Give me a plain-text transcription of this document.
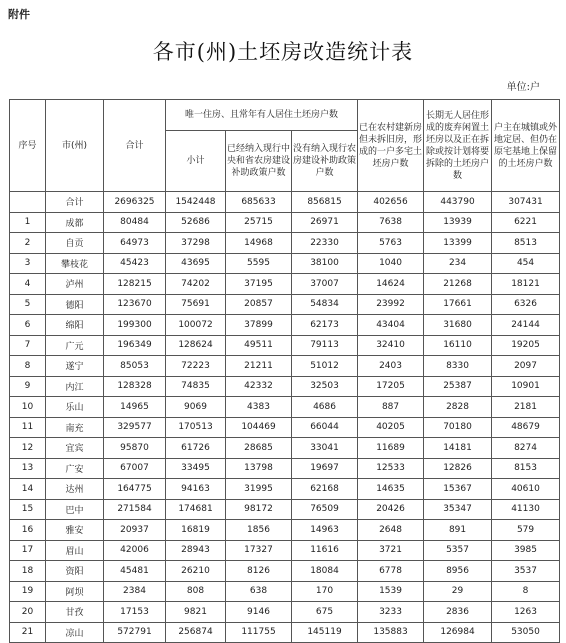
附件
各市(州)土坯房改造统计表
单位:户
序号	市(州)	合计	唯一住房、且常年有人居住土坯房户数			已在农村建新房但未拆旧房，形成的一户多宅土坯房户数	长期无人居住形成的废弃闲置土坯房以及正在拆除或按计划将要拆除的土坯房户数	户主在城镇或外地定居、但仍在原宅基地上保留的土坯房户数
			小计	已经纳入现行中央和省农房建设补助政策户数	没有纳入现行农房建设补助政策户数			
	合计	2696325	1542448	685633	856815	402656	443790	307431
1	成都	80484	52686	25715	26971	7638	13939	6221
2	自贡	64973	37298	14968	22330	5763	13399	8513
3	攀枝花	45423	43695	5595	38100	1040	234	454
4	泸州	128215	74202	37195	37007	14624	21268	18121
5	德阳	123670	75691	20857	54834	23992	17661	6326
6	绵阳	199300	100072	37899	62173	43404	31680	24144
7	广元	196349	128624	49511	79113	32410	16110	19205
8	遂宁	85053	72223	21211	51012	2403	8330	2097
9	内江	128328	74835	42332	32503	17205	25387	10901
10	乐山	14965	9069	4383	4686	887	2828	2181
11	南充	329577	170513	104469	66044	40205	70180	48679
12	宜宾	95870	61726	28685	33041	11689	14181	8274
13	广安	67007	33495	13798	19697	12533	12826	8153
14	达州	164775	94163	31995	62168	14635	15367	40610
15	巴中	271584	174681	98172	76509	20426	35347	41130
16	雅安	20937	16819	1856	14963	2648	891	579
17	眉山	42006	28943	17327	11616	3721	5357	3985
18	资阳	45481	26210	8126	18084	6778	8956	3537
19	阿坝	2384	808	638	170	1539	29	8
20	甘孜	17153	9821	9146	675	3233	2836	1263
21	凉山	572791	256874	111755	145119	135883	126984	53050
